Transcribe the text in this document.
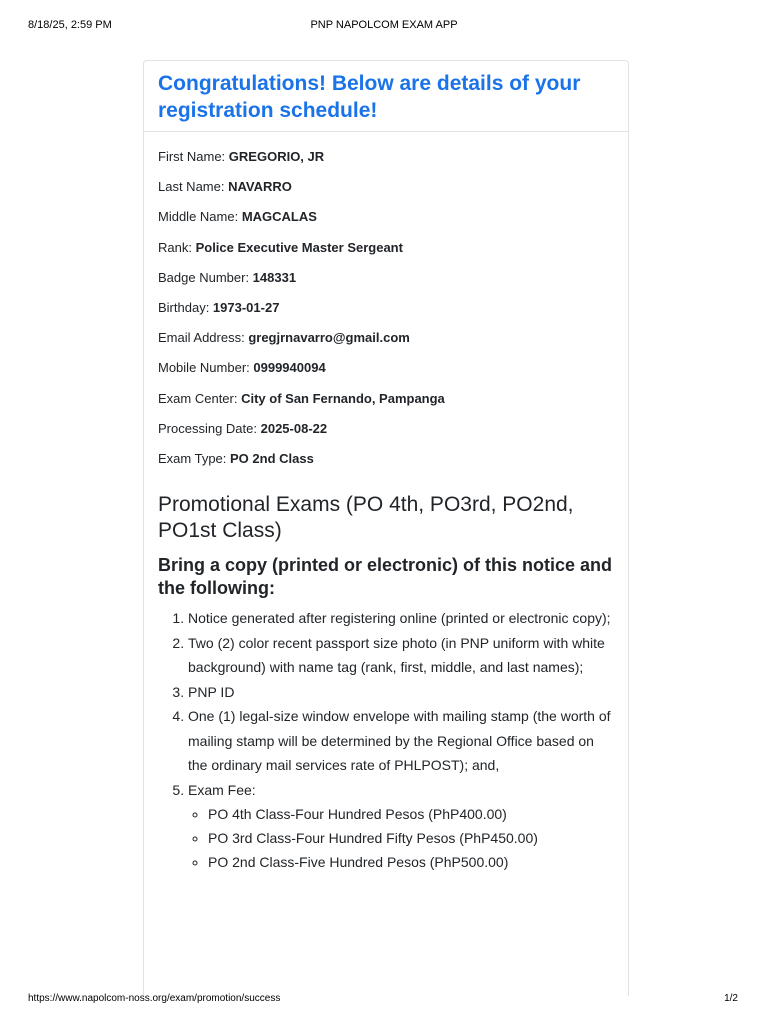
8/18/25, 2:59 PM	PNP NAPOLCOM EXAM APP
Congratulations! Below are details of your registration schedule!

First Name: GREGORIO, JR

Last Name: NAVARRO

Middle Name: MAGCALAS

Rank: Police Executive Master Sergeant

Badge Number: 148331

Birthday: 1973-01-27

Email Address: gregjrnavarro@gmail.com

Mobile Number: 0999940094

Exam Center: City of San Fernando, Pampanga

Processing Date: 2025-08-22

Exam Type: PO 2nd Class

Promotional Exams (PO 4th, PO3rd, PO2nd, PO1st Class)
Bring a copy (printed or electronic) of this notice and the following:
1. Notice generated after registering online (printed or electronic copy);
2. Two (2) color recent passport size photo (in PNP uniform with white background) with name tag (rank, first, middle, and last names);
3. PNP ID
4. One (1) legal-size window envelope with mailing stamp (the worth of mailing stamp will be determined by the Regional Office based on the ordinary mail services rate of PHLPOST); and,
5. Exam Fee:
◦ PO 4th Class-Four Hundred Pesos (PhP400.00)
◦ PO 3rd Class-Four Hundred Fifty Pesos (PhP450.00)
◦ PO 2nd Class-Five Hundred Pesos (PhP500.00)
https://www.napolcom-noss.org/exam/promotion/success	1/2
